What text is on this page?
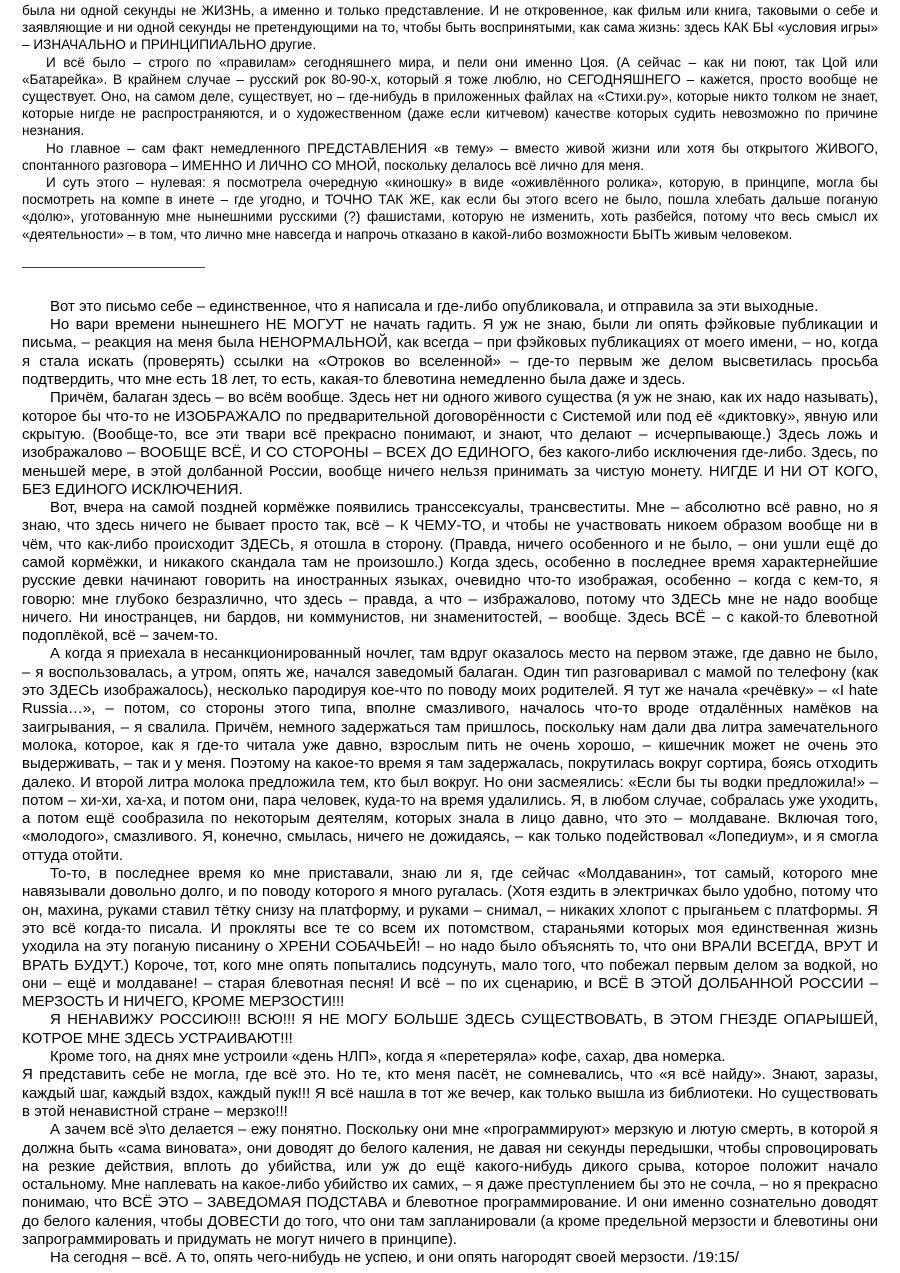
была ни одной секунды не ЖИЗНЬ, а именно и только представление. И не откровенное, как фильм или книга, таковыми о себе и заявляющие и ни одной секунды не претендующими на то, чтобы быть воспринятыми, как сама жизнь: здесь КАК БЫ «условия игры» – ИЗНАЧАЛЬНО и ПРИНЦИПИАЛЬНО другие.

И всё было – строго по «правилам» сегодняшнего мира, и пели они именно Цоя. (А сейчас – как ни поют, так Цой или «Батарейка». В крайнем случае – русский рок 80-90-х, который я тоже люблю, но СЕГОДНЯШНЕГО – кажется, просто вообще не существует. Оно, на самом деле, существует, но – где-нибудь в приложенных файлах на «Стихи.ру», которые никто толком не знает, которые нигде не распространяются, и о художественном (даже если китчевом) качестве которых судить невозможно по причине незнания.

Но главное – сам факт немедленного ПРЕДСТАВЛЕНИЯ «в тему» – вместо живой жизни или хотя бы открытого ЖИВОГО, спонтанного разговора – ИМЕННО И ЛИЧНО СО МНОЙ, поскольку делалось всё лично для меня.

И суть этого – нулевая: я посмотрела очередную «киношку» в виде «оживлённого ролика», которую, в принципе, могла бы посмотреть на компе в инете – где угодно, и ТОЧНО ТАК ЖЕ, как если бы этого всего не было, пошла хлебать дальше поганую «долю», уготованную мне нынешними русскими (?) фашистами, которую не изменить, хоть разбейся, потому что весь смысл их «деятельности» – в том, что лично мне навсегда и напрочь отказано в какой-либо возможности БЫТЬ живым человеком.

Вот это письмо себе – единственное, что я написала и где-либо опубликовала, и отправила за эти выходные.

Но вари времени нынешнего НЕ МОГУТ не начать гадить. Я уж не знаю, были ли опять фэйковые публикации и письма, – реакция на меня была НЕНОРМАЛЬНОЙ, как всегда – при фэйковых публикациях от моего имени, – но, когда я стала искать (проверять) ссылки на «Отроков во вселенной» – где-то первым же делом высветилась просьба подтвердить, что мне есть 18 лет, то есть, какая-то блевотина немедленно была даже и здесь.

Причём, балаган здесь – во всём вообще. Здесь нет ни одного живого существа (я уж не знаю, как их надо называть), которое бы что-то не ИЗОБРАЖАЛО по предварительной договорённости с Системой или под её «диктовку», явную или скрытую. (Вообще-то, все эти твари всё прекрасно понимают, и знают, что делают – исчерпывающе.) Здесь ложь и изображалово – ВООБЩЕ ВСЁ, И СО СТОРОНЫ – ВСЕХ ДО ЕДИНОГО, без какого-либо исключения где-либо. Здесь, по меньшей мере, в этой долбанной России, вообще ничего нельзя принимать за чистую монету. НИГДЕ И НИ ОТ КОГО, БЕЗ ЕДИНОГО ИСКЛЮЧЕНИЯ.

Вот, вчера на самой поздней кормёжке появились транссексуалы, трансвеститы. Мне – абсолютно всё равно, но я знаю, что здесь ничего не бывает просто так, всё – К ЧЕМУ-ТО, и чтобы не участвовать никоем образом вообще ни в чём, что как-либо происходит ЗДЕСЬ, я отошла в сторону. (Правда, ничего особенного и не было, – они ушли ещё до самой кормёжки, и никакого скандала там не произошло.) Когда здесь, особенно в последнее время характернейшие русские девки начинают говорить на иностранных языках, очевидно что-то изображая, особенно – когда с кем-то, я говорю: мне глубоко безразлично, что здесь – правда, а что – избражалово, потому что ЗДЕСЬ мне не надо вообще ничего. Ни иностранцев, ни бардов, ни коммунистов, ни знаменитостей, – вообще. Здесь ВСЁ – с какой-то блевотной подоплёкой, всё – зачем-то.

А когда я приехала в несанкционированный ночлег, там вдруг оказалось место на первом этаже, где давно не было, – я воспользовалась, а утром, опять же, начался заведомый балаган. Один тип разговаривал с мамой по телефону (как это ЗДЕСЬ изображалось), несколько пародируя кое-что по поводу моих родителей. Я тут же начала «речёвку» – «I hate Russia…», – потом, со стороны этого типа, вполне смазливого, началось что-то вроде отдалённых намёков на заигрывания, – я свалила. Причём, немного задержаться там пришлось, поскольку нам дали два литра замечательного молока, которое, как я где-то читала уже давно, взрослым пить не очень хорошо, – кишечник может не очень это выдерживать, – так и у меня. Поэтому на какое-то время я там задержалась, покрутилась вокруг сортира, боясь отходить далеко. И второй литра молока предложила тем, кто был вокруг. Но они засмеялись: «Если бы ты водки предложила!» – потом – хи-хи, ха-ха, и потом они, пара человек, куда-то на время удалились. Я, в любом случае, собралась уже уходить, а потом ещё сообразила по некоторым деятелям, которых знала в лицо давно, что это – молдаване. Включая того, «молодого», смазливого. Я, конечно, смылась, ничего не дожидаясь, – как только подействовал «Лопедиум», и я смогла оттуда отойти.

То-то, в последнее время ко мне приставали, знаю ли я, где сейчас «Молдаванин», тот самый, которого мне навязывали довольно долго, и по поводу которого я много ругалась. (Хотя ездить в электричках было удобно, потому что он, махина, руками ставил тётку снизу на платформу, и руками – снимал, – никаких хлопот с прыганьем с платформы. Я это всё когда-то писала. И прокляты все те со всем их потомством, стараньями которых моя единственная жизнь уходила на эту поганую писанину о ХРЕНИ СОБАЧЬЕЙ! – но надо было объяснять то, что они ВРАЛИ ВСЕГДА, ВРУТ И ВРАТЬ БУДУТ.) Короче, тот, кого мне опять попытались подсунуть, мало того, что побежал первым делом за водкой, но они – ещё и молдаване! – старая блевотная песня! И всё – по их сценарию, и ВСЁ В ЭТОЙ ДОЛБАННОЙ РОССИИ – МЕРЗОСТЬ И НИЧЕГО, КРОМЕ МЕРЗОСТИ!!!

Я НЕНАВИЖУ РОССИЮ!!! ВСЮ!!! Я НЕ МОГУ БОЛЬШЕ ЗДЕСЬ СУЩЕСТВОВАТЬ, В ЭТОМ ГНЕЗДЕ ОПАРЫШЕЙ, КОТРОЕ МНЕ ЗДЕСЬ УСТРАИВАЮТ!!!

Кроме того, на днях мне устроили «день НЛП», когда я «перетеряла» кофе, сахар, два номерка.

Я представить себе не могла, где всё это. Но те, кто меня пасёт, не сомневались, что «я всё найду». Знают, заразы, каждый шаг, каждый вздох, каждый пук!!! Я всё нашла в тот же вечер, как только вышла из библиотеки. Но существовать в этой ненавистной стране – мерзко!!!

А зачем всё э\то делается – ежу понятно. Поскольку они мне «программируют» мерзкую и лютую смерть, в которой я должна быть «сама виновата», они доводят до белого каления, не давая ни секунды передышки, чтобы спровоцировать на резкие действия, вплоть до убийства, или уж до ещё какого-нибудь дикого срыва, которое положит начало остальному. Мне наплевать на какое-либо убийство их самих, – я даже преступлением бы это не сочла, – но я прекрасно понимаю, что ВСЁ ЭТО – ЗАВЕДОМАЯ ПОДСТАВА и блевотное программирование. И они именно сознательно доводят до белого каления, чтобы ДОВЕСТИ до того, что они там запланировали (а кроме предельной мерзости и блевотины они запрограммировать и придумать не могут ничего в принципе).

На сегодня – всё. А то, опять чего-нибудь не успею, и они опять нагородят своей мерзости. /19:15/
